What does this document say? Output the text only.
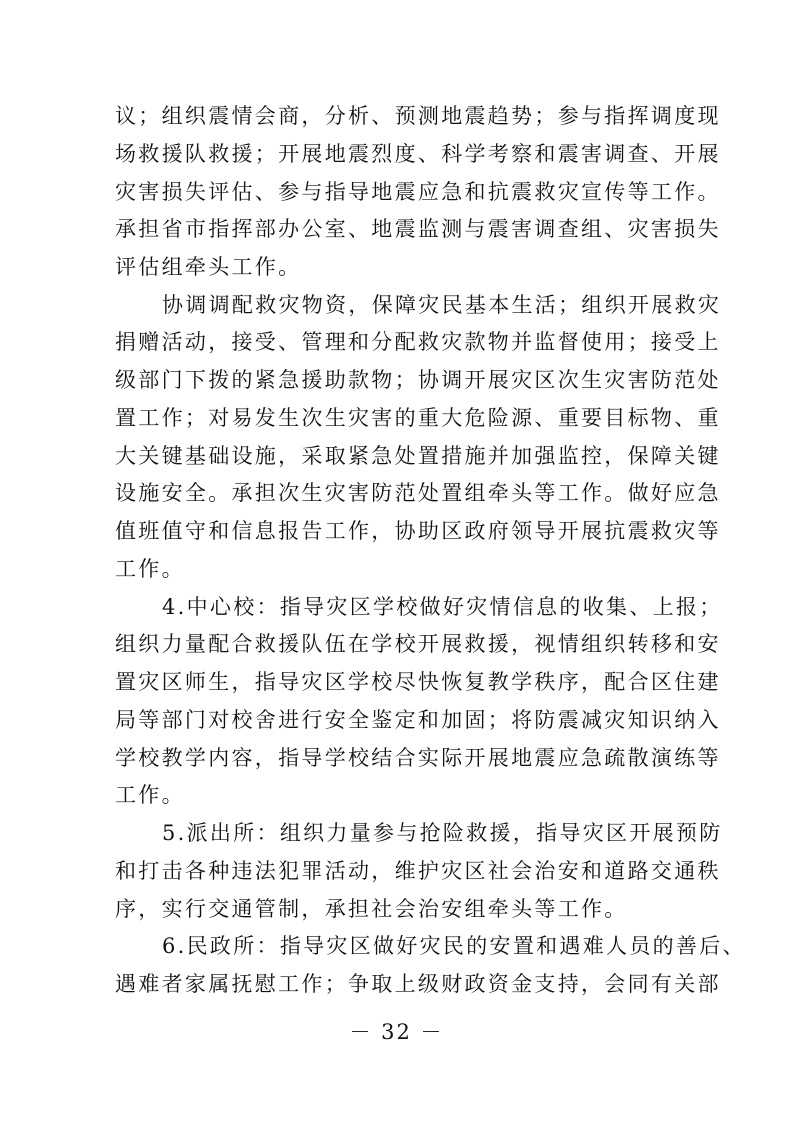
议；组织震情会商，分析、预测地震趋势；参与指挥调度现
场救援队救援；开展地震烈度、科学考察和震害调查、开展
灾害损失评估、参与指导地震应急和抗震救灾宣传等工作。
承担省市指挥部办公室、地震监测与震害调查组、灾害损失
评估组牵头工作。
协调调配救灾物资，保障灾民基本生活；组织开展救灾
捐赠活动，接受、管理和分配救灾款物并监督使用；接受上
级部门下拨的紧急援助款物；协调开展灾区次生灾害防范处
置工作；对易发生次生灾害的重大危险源、重要目标物、重
大关键基础设施，采取紧急处置措施并加强监控，保障关键
设施安全。承担次生灾害防范处置组牵头等工作。做好应急
值班值守和信息报告工作，协助区政府领导开展抗震救灾等
工作。
4.中心校：指导灾区学校做好灾情信息的收集、上报；
组织力量配合救援队伍在学校开展救援，视情组织转移和安
置灾区师生，指导灾区学校尽快恢复教学秩序，配合区住建
局等部门对校舍进行安全鉴定和加固；将防震减灾知识纳入
学校教学内容，指导学校结合实际开展地震应急疏散演练等
工作。
5.派出所：组织力量参与抢险救援，指导灾区开展预防
和打击各种违法犯罪活动，维护灾区社会治安和道路交通秩
序，实行交通管制，承担社会治安组牵头等工作。
6.民政所：指导灾区做好灾民的安置和遇难人员的善后、
遇难者家属抚慰工作；争取上级财政资金支持，会同有关部
－ 32 －
